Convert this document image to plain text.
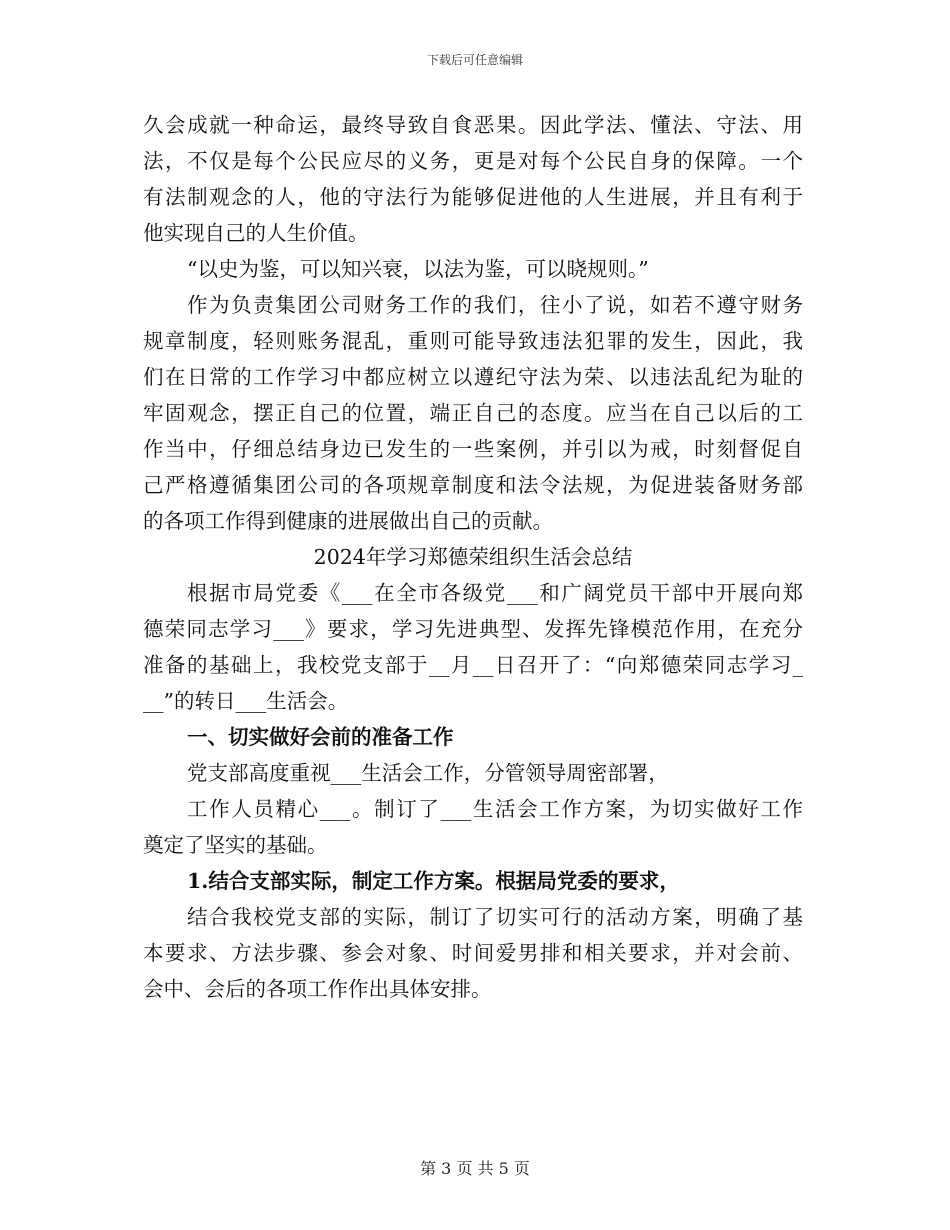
下载后可任意编辑
久会成就一种命运，最终导致自食恶果。因此学法、懂法、守法、用
法，不仅是每个公民应尽的义务，更是对每个公民自身的保障。一个
有法制观念的人，他的守法行为能够促进他的人生进展，并且有利于
他实现自己的人生价值。
“以史为鉴，可以知兴衰，以法为鉴，可以晓规则。”
作为负责集团公司财务工作的我们，往小了说，如若不遵守财务
规章制度，轻则账务混乱，重则可能导致违法犯罪的发生，因此，我
们在日常的工作学习中都应树立以遵纪守法为荣、以违法乱纪为耻的
牢固观念，摆正自己的位置，端正自己的态度。应当在自己以后的工
作当中，仔细总结身边已发生的一些案例，并引以为戒，时刻督促自
己严格遵循集团公司的各项规章制度和法令法规，为促进装备财务部
的各项工作得到健康的进展做出自己的贡献。
2024年学习郑德荣组织生活会总结
根据市局党委《___在全市各级党___和广阔党员干部中开展向郑
德荣同志学习___》要求，学习先进典型、发挥先锋模范作用，在充分
准备的基础上，我校党支部于__月__日召开了：“向郑德荣同志学习_
__”的转日___生活会。
一、切实做好会前的准备工作
党支部高度重视___生活会工作，分管领导周密部署，
工作人员精心___。制订了___生活会工作方案，为切实做好工作
奠定了坚实的基础。
1.结合支部实际，制定工作方案。根据局党委的要求，
结合我校党支部的实际，制订了切实可行的活动方案，明确了基
本要求、方法步骤、参会对象、时间爱男排和相关要求，并对会前、
会中、会后的各项工作作出具体安排。
第 3 页 共 5 页
